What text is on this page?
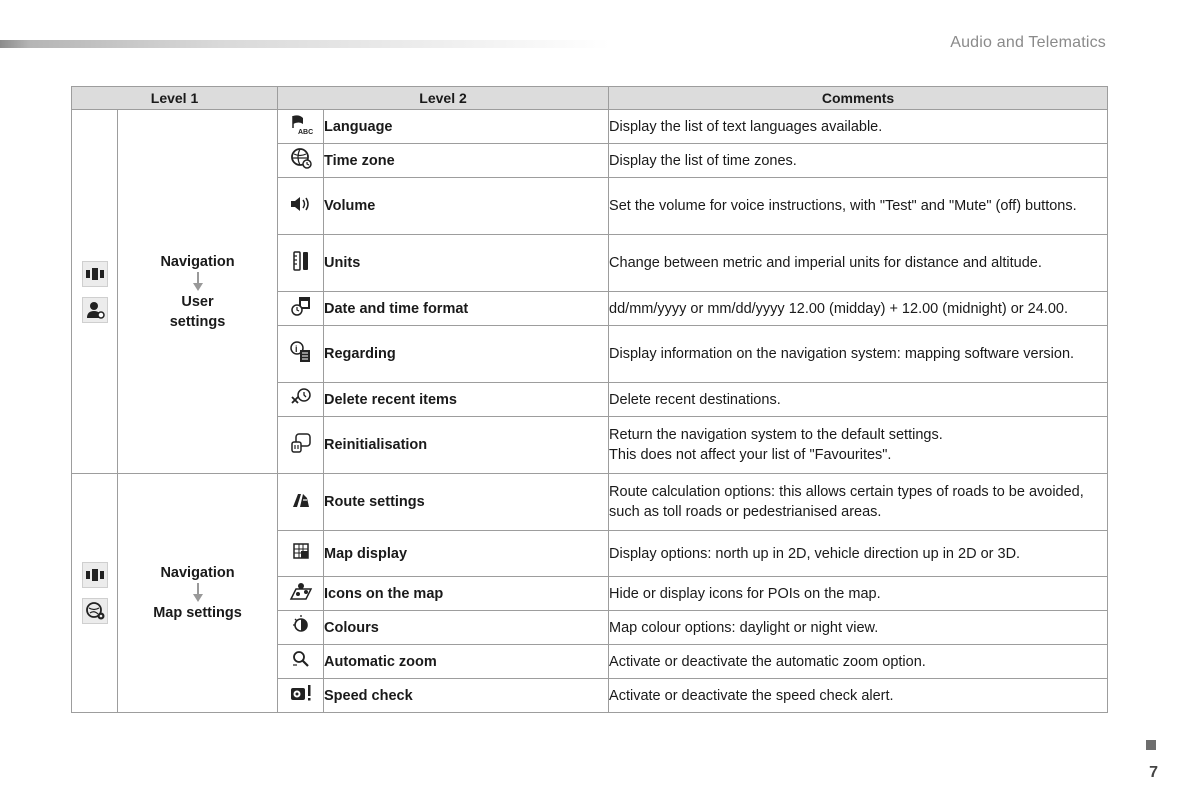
Audio and Telematics
Level 1		Level 2		Comments

Navigation
User
settings	ABC	Language	Display the list of text languages available.
	Time zone	Display the list of time zones.
	Volume	Set the volume for voice instructions, with "Test" and "Mute" (off) buttons.
	Units	Change between metric and imperial units for distance and altitude.
	Date and time format	dd/mm/yyyy or mm/dd/yyyy 12.00 (midday) + 12.00 (midnight) or 24.00.

i	Regarding	Display information on the navigation system: mapping software version.
	Delete recent items	Delete recent destinations.
	Reinitialisation	Return the navigation system to the default settings.
This does not affect your list of "Favourites".

Navigation
Map settings		Route settings	Route calculation options: this allows certain types of roads to be avoided, such as toll roads or pedestrianised areas.
	Map display	Display options: north up in 2D, vehicle direction up in 2D or 3D.
	Icons on the map	Hide or display icons for POIs on the map.
	Colours	Map colour options: daylight or night view.
	Automatic zoom	Activate or deactivate the automatic zoom option.
	Speed check	Activate or deactivate the speed check alert.
7
